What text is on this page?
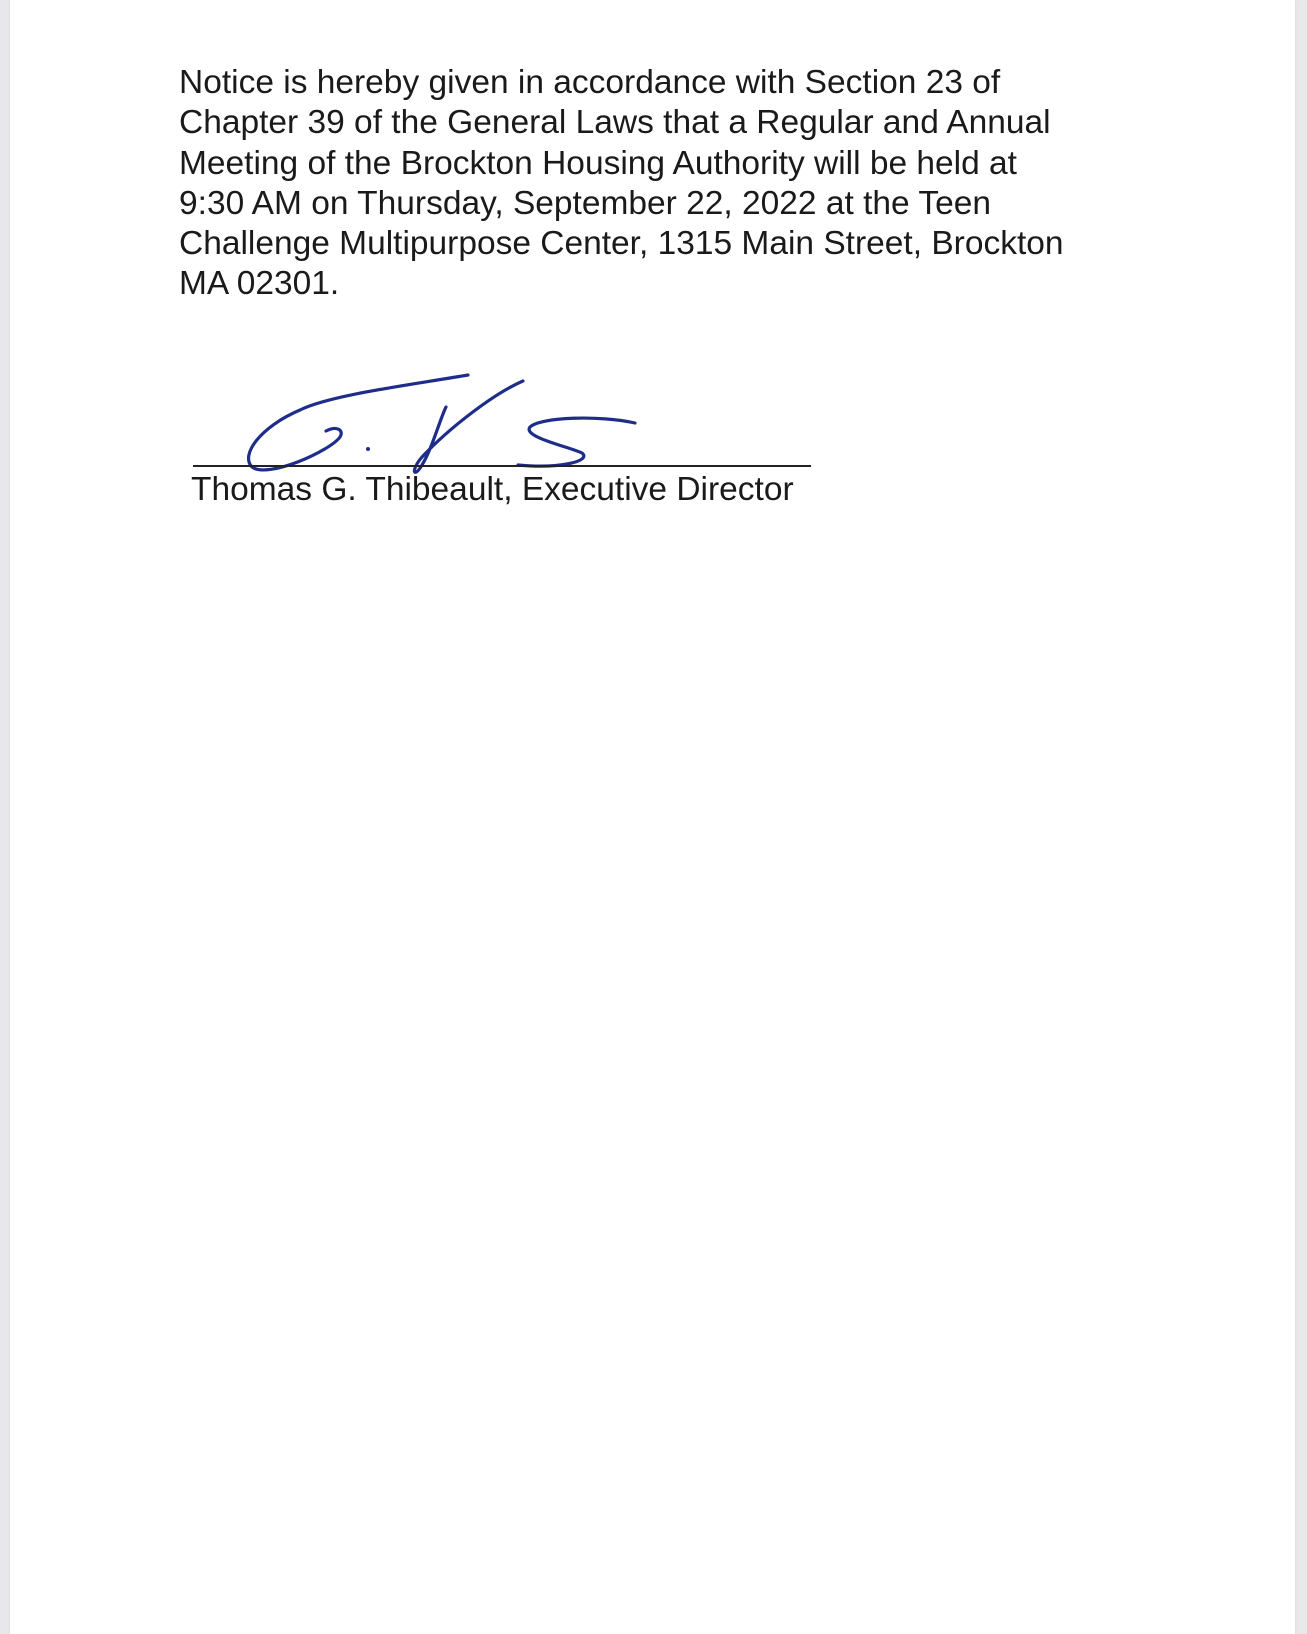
Notice is hereby given in accordance with Section 23 of
Chapter 39 of the General Laws that a Regular and Annual
Meeting of the Brockton Housing Authority will be held at
9:30 AM on Thursday, September 22, 2022 at the Teen
Challenge Multipurpose Center, 1315 Main Street, Brockton
MA 02301.

Thomas G. Thibeault, Executive Director
